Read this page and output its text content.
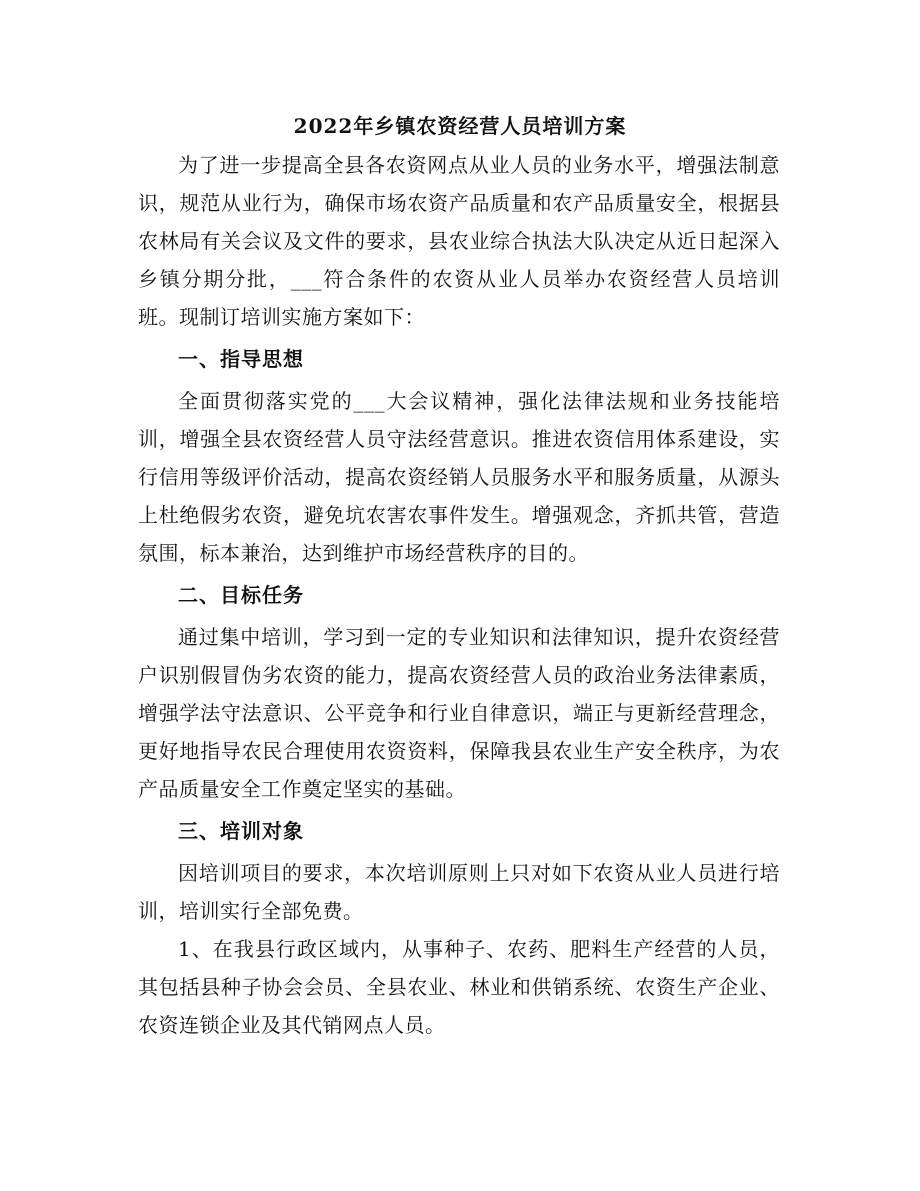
2022年乡镇农资经营人员培训方案

为了进一步提高全县各农资网点从业人员的业务水平，增强法制意识，规范从业行为，确保市场农资产品质量和农产品质量安全，根据县农林局有关会议及文件的要求，县农业综合执法大队决定从近日起深入乡镇分期分批，___符合条件的农资从业人员举办农资经营人员培训班。现制订培训实施方案如下：

一、指导思想

全面贯彻落实党的___大会议精神，强化法律法规和业务技能培训，增强全县农资经营人员守法经营意识。推进农资信用体系建设，实行信用等级评价活动，提高农资经销人员服务水平和服务质量，从源头上杜绝假劣农资，避免坑农害农事件发生。增强观念，齐抓共管，营造氛围，标本兼治，达到维护市场经营秩序的目的。

二、目标任务

通过集中培训，学习到一定的专业知识和法律知识，提升农资经营户识别假冒伪劣农资的能力，提高农资经营人员的政治业务法律素质，增强学法守法意识、公平竞争和行业自律意识，端正与更新经营理念，更好地指导农民合理使用农资资料，保障我县农业生产安全秩序，为农产品质量安全工作奠定坚实的基础。

三、培训对象

因培训项目的要求，本次培训原则上只对如下农资从业人员进行培训，培训实行全部免费。

1、在我县行政区域内，从事种子、农药、肥料生产经营的人员，其包括县种子协会会员、全县农业、林业和供销系统、农资生产企业、农资连锁企业及其代销网点人员。
